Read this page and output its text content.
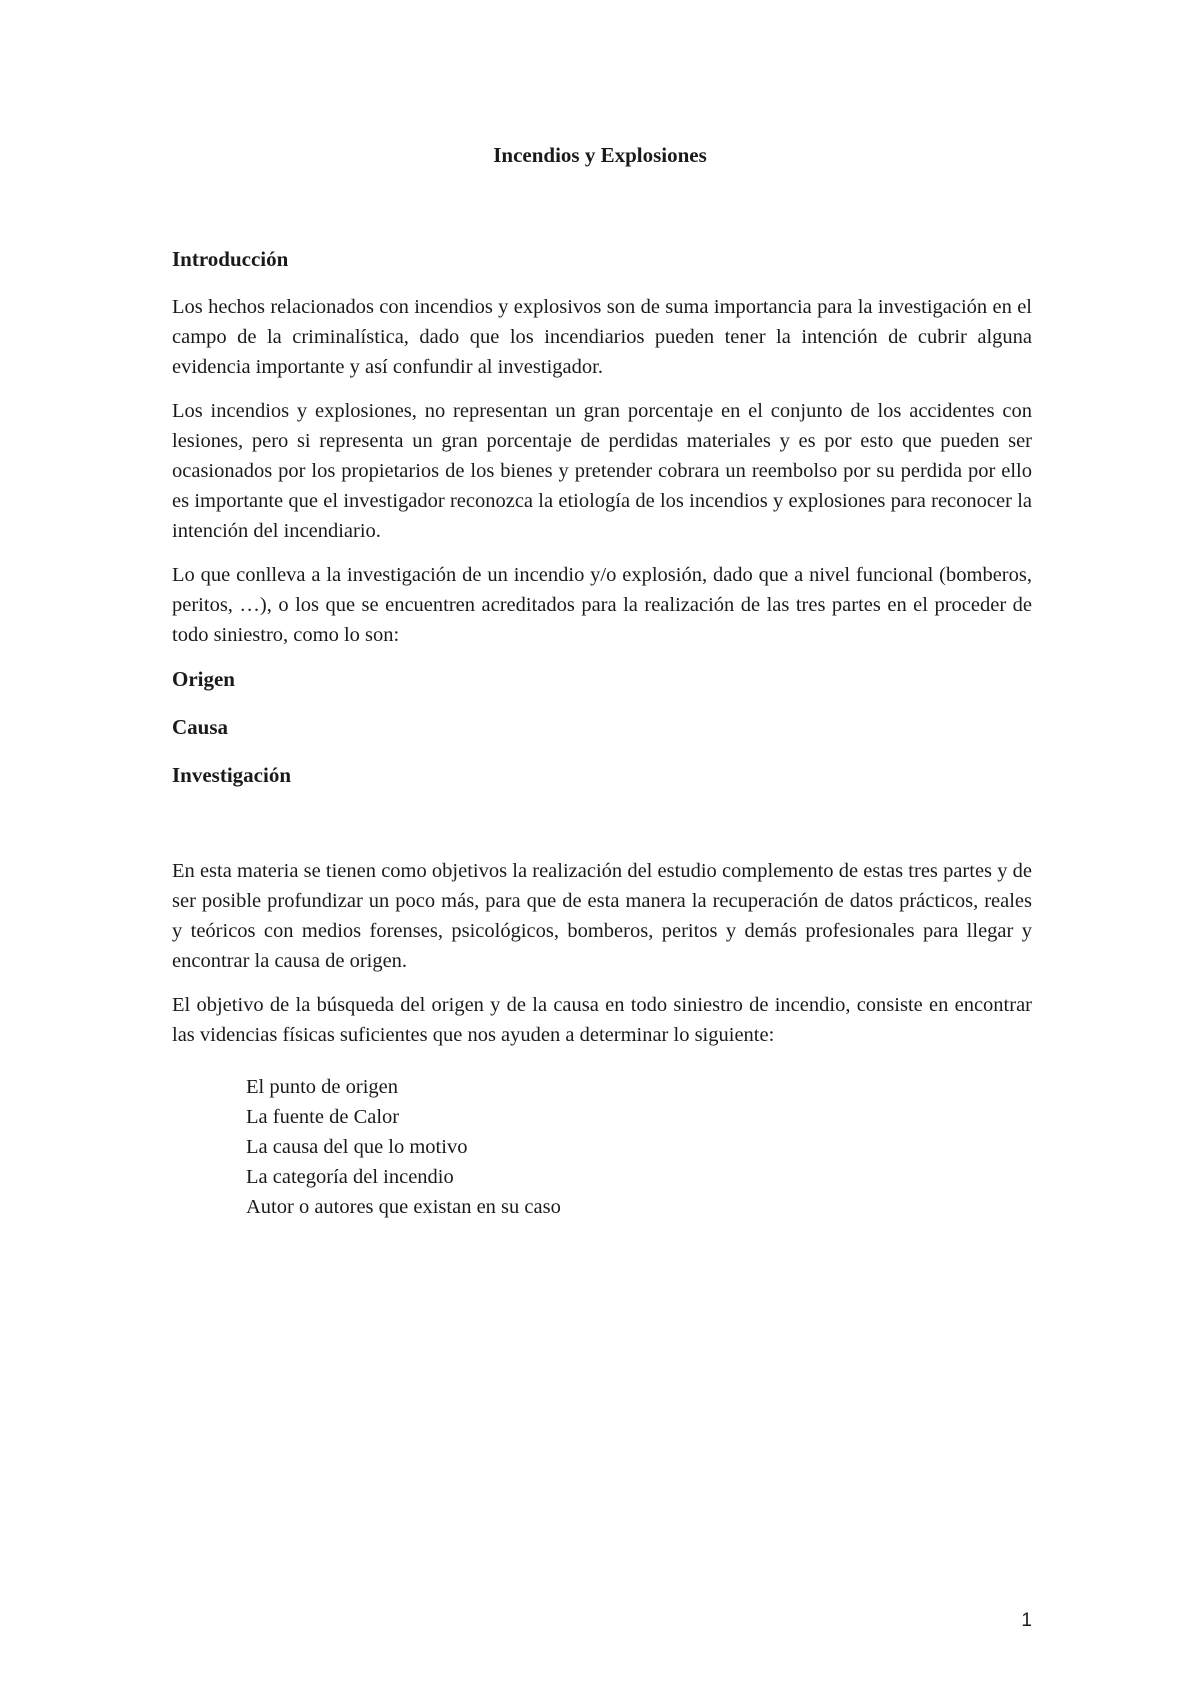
Incendios y Explosiones
Introducción

Los hechos relacionados con incendios y explosivos son de suma importancia para la investigación en el campo de la criminalística, dado que los incendiarios pueden tener la intención de cubrir alguna evidencia importante y así confundir al investigador.

Los incendios y explosiones, no representan un gran porcentaje en el conjunto de los accidentes con lesiones, pero si representa un gran porcentaje de perdidas materiales y es por esto que pueden ser ocasionados por los propietarios de los bienes y pretender cobrara un reembolso por su perdida por ello es importante que el investigador reconozca la etiología de los incendios y explosiones para reconocer la intención del incendiario.

Lo que conlleva a la investigación de un incendio y/o explosión, dado que a nivel funcional (bomberos, peritos, …), o los que se encuentren acreditados para la realización de las tres partes en el proceder de todo siniestro, como lo son:

Origen
Causa
Investigación

En esta materia se tienen como objetivos la realización del estudio complemento de estas tres partes y de ser posible profundizar un poco más, para que de esta manera la recuperación de datos prácticos, reales y teóricos con medios forenses, psicológicos, bomberos, peritos y demás profesionales para llegar y encontrar la causa de origen.

El objetivo de la búsqueda del origen y de la causa en todo siniestro de incendio, consiste en encontrar las videncias físicas suficientes que nos ayuden a determinar lo siguiente:

El punto de origen
La fuente de Calor
La causa del que lo motivo
La categoría del incendio
Autor o autores que existan en su caso
1
